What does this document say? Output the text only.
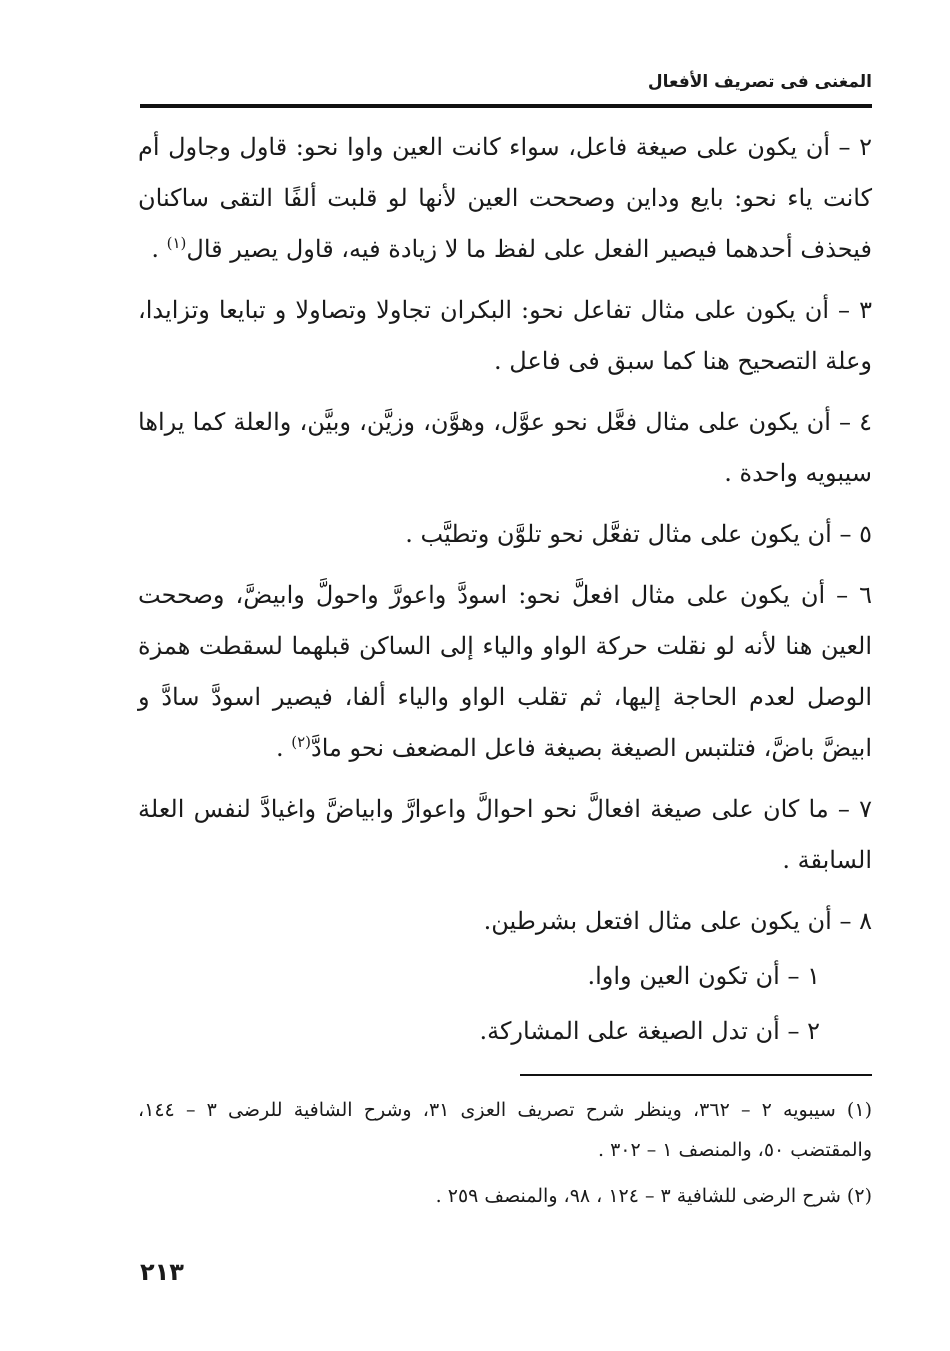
المغنى فى تصريف الأفعال

٢ – أن يكون على صيغة فاعل، سواء كانت العين واوا نحو: قاول وجاول أم كانت ياء نحو: بايع وداين وصححت العين لأنها لو قلبت ألفًا التقى ساكنان فيحذف أحدهما فيصير الفعل على لفظ ما لا زيادة فيه، قاول يصير قال$^{(١)}$ .

٣ – أن يكون على مثال تفاعل نحو: البكران تجاولا وتصاولا و تبايعا وتزايدا، وعلة التصحيح هنا كما سبق فى فاعل .

٤ – أن يكون على مثال فعَّل نحو عوَّل، وهوَّن، وزيَّن، وبيَّن، والعلة كما يراها سيبويه واحدة .

٥ – أن يكون على مثال تفعَّل نحو تلوَّن وتطيَّب .

٦ – أن يكون على مثال افعلَّ نحو: اسودَّ واعورَّ واحولَّ وابيضَّ، وصححت العين هنا لأنه لو نقلت حركة الواو والياء إلى الساكن قبلهما لسقطت همزة الوصل لعدم الحاجة إليها، ثم تقلب الواو والياء ألفا، فيصير اسودَّ سادَّ و ابيضَّ باضَّ، فتلتبس الصيغة بصيغة فاعل المضعف نحو مادَّ$^{(٢)}$ .

٧ – ما كان على صيغة افعالَّ نحو احوالَّ واعوارَّ وابياضَّ واغيادَّ لنفس العلة السابقة .

٨ – أن يكون على مثال افتعل بشرطين.

١ – أن تكون العين واوا.

٢ – أن تدل الصيغة على المشاركة.

(١) سيبويه ٢ – ٣٦٢، وينظر شرح تصريف العزى ٣١، وشرح الشافية للرضى ٣ – ١٤٤، والمقتضب ٥٠، والمنصف ١ – ٣٠٢ .

(٢) شرح الرضى للشافية ٣ – ١٢٤ ، ٩٨، والمنصف ٢٥٩ .

٢١٣
